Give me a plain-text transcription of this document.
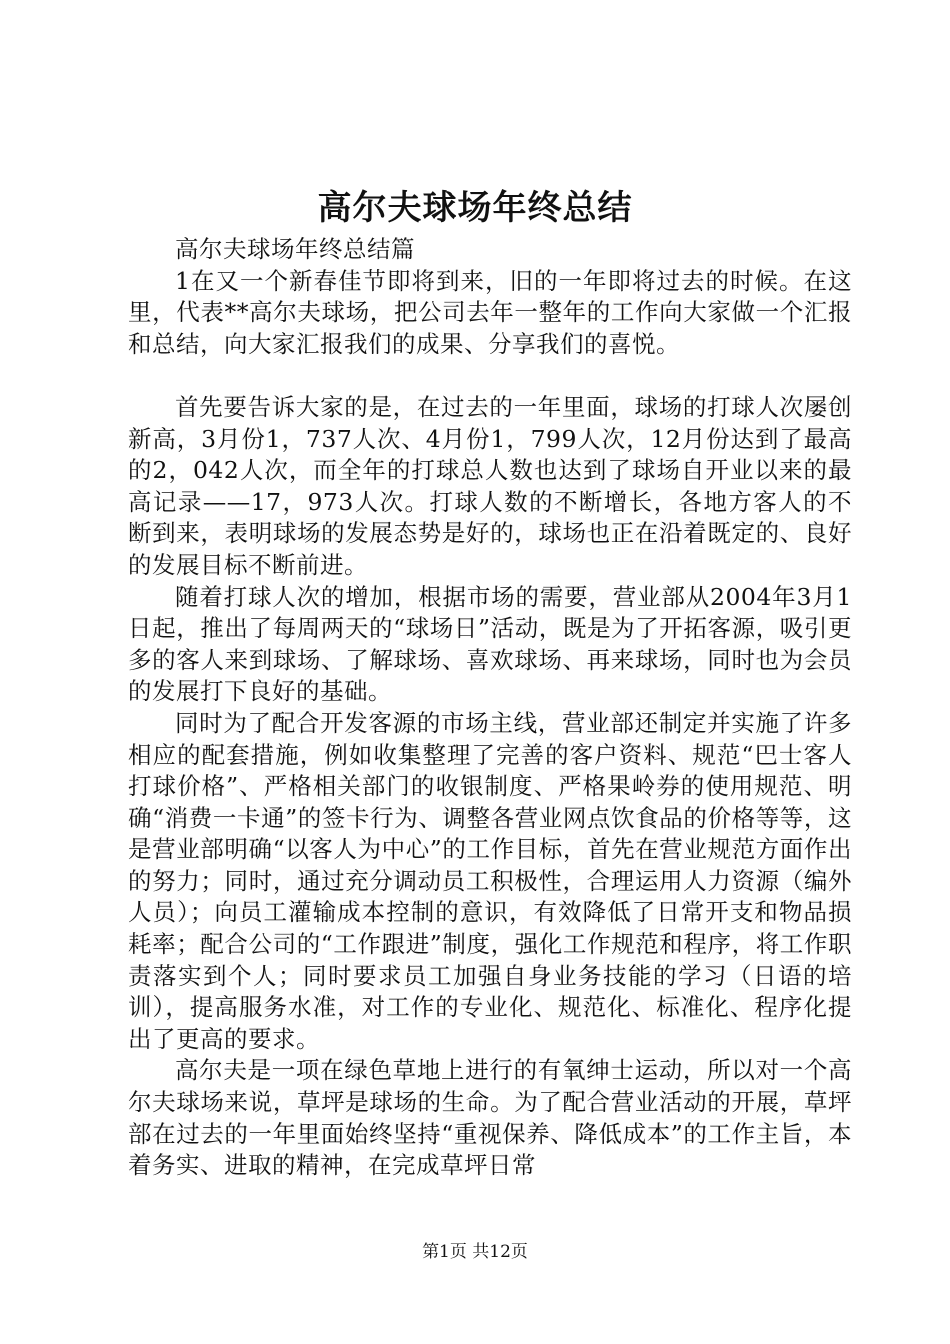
高尔夫球场年终总结

高尔夫球场年终总结篇

1在又一个新春佳节即将到来，旧的一年即将过去的时候。在这里，代表**高尔夫球场，把公司去年一整年的工作向大家做一个汇报和总结，向大家汇报我们的成果、分享我们的喜悦。

首先要告诉大家的是，在过去的一年里面，球场的打球人次屡创新高，3月份1，737人次、4月份1，799人次，12月份达到了最高的2，042人次，而全年的打球总人数也达到了球场自开业以来的最高记录——17，973人次。打球人数的不断增长，各地方客人的不断到来，表明球场的发展态势是好的，球场也正在沿着既定的、良好的发展目标不断前进。

随着打球人次的增加，根据市场的需要，营业部从2004年3月1日起，推出了每周两天的“球场日”活动，既是为了开拓客源，吸引更多的客人来到球场、了解球场、喜欢球场、再来球场，同时也为会员的发展打下良好的基础。

同时为了配合开发客源的市场主线，营业部还制定并实施了许多相应的配套措施，例如收集整理了完善的客户资料、规范“巴士客人打球价格”、严格相关部门的收银制度、严格果岭券的使用规范、明确“消费一卡通”的签卡行为、调整各营业网点饮食品的价格等等，这是营业部明确“以客人为中心”的工作目标，首先在营业规范方面作出的努力；同时，通过充分调动员工积极性，合理运用人力资源（编外人员）；向员工灌输成本控制的意识，有效降低了日常开支和物品损耗率；配合公司的“工作跟进”制度，强化工作规范和程序，将工作职责落实到个人；同时要求员工加强自身业务技能的学习（日语的培训），提高服务水准，对工作的专业化、规范化、标准化、程序化提出了更高的要求。

高尔夫是一项在绿色草地上进行的有氧绅士运动，所以对一个高尔夫球场来说，草坪是球场的生命。为了配合营业活动的开展，草坪部在过去的一年里面始终坚持“重视保养、降低成本”的工作主旨，本着务实、进取的精神，在完成草坪日常

第1页 共12页
